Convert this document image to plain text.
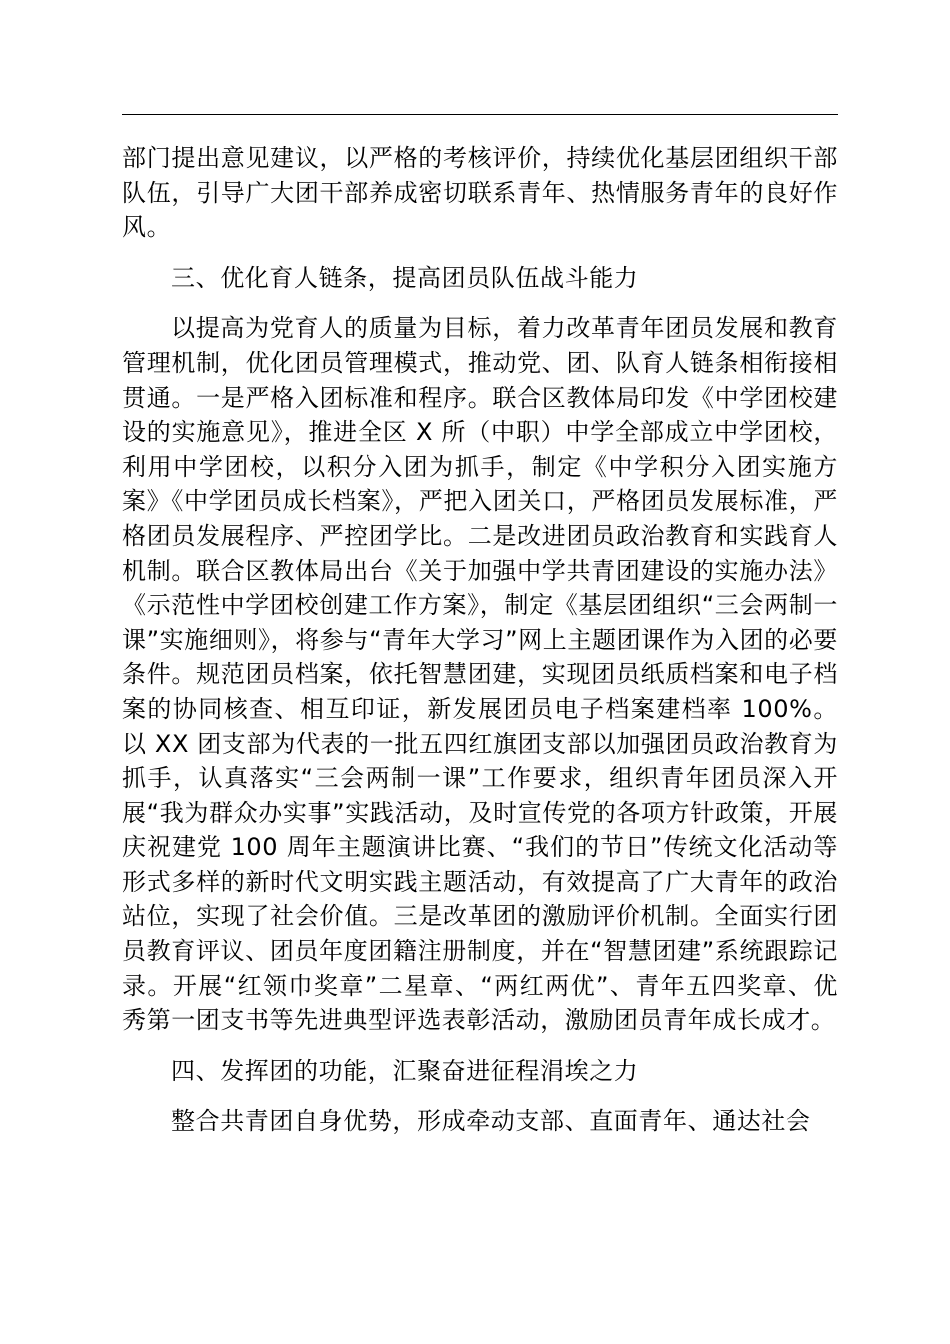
部门提出意见建议，以严格的考核评价，持续优化基层团组织干部队伍，引导广大团干部养成密切联系青年、热情服务青年的良好作风。

三、优化育人链条，提高团员队伍战斗能力

以提高为党育人的质量为目标，着力改革青年团员发展和教育管理机制，优化团员管理模式，推动党、团、队育人链条相衔接相贯通。一是严格入团标准和程序。联合区教体局印发《中学团校建设的实施意见》，推进全区 X 所（中职）中学全部成立中学团校，利用中学团校，以积分入团为抓手，制定《中学积分入团实施方案》《中学团员成长档案》，严把入团关口，严格团员发展标准，严格团员发展程序、严控团学比。二是改进团员政治教育和实践育人机制。联合区教体局出台《关于加强中学共青团建设的实施办法》《示范性中学团校创建工作方案》，制定《基层团组织“三会两制一课”实施细则》，将参与“青年大学习”网上主题团课作为入团的必要条件。规范团员档案，依托智慧团建，实现团员纸质档案和电子档案的协同核查、相互印证，新发展团员电子档案建档率 100%。以 XX 团支部为代表的一批五四红旗团支部以加强团员政治教育为抓手，认真落实“三会两制一课”工作要求，组织青年团员深入开展“我为群众办实事”实践活动，及时宣传党的各项方针政策，开展庆祝建党 100 周年主题演讲比赛、“我们的节日”传统文化活动等形式多样的新时代文明实践主题活动，有效提高了广大青年的政治站位，实现了社会价值。三是改革团的激励评价机制。全面实行团员教育评议、团员年度团籍注册制度，并在“智慧团建”系统跟踪记录。开展“红领巾奖章”二星章、“两红两优”、青年五四奖章、优秀第一团支书等先进典型评选表彰活动，激励团员青年成长成才。

四、发挥团的功能，汇聚奋进征程涓埃之力

整合共青团自身优势，形成牵动支部、直面青年、通达社会
